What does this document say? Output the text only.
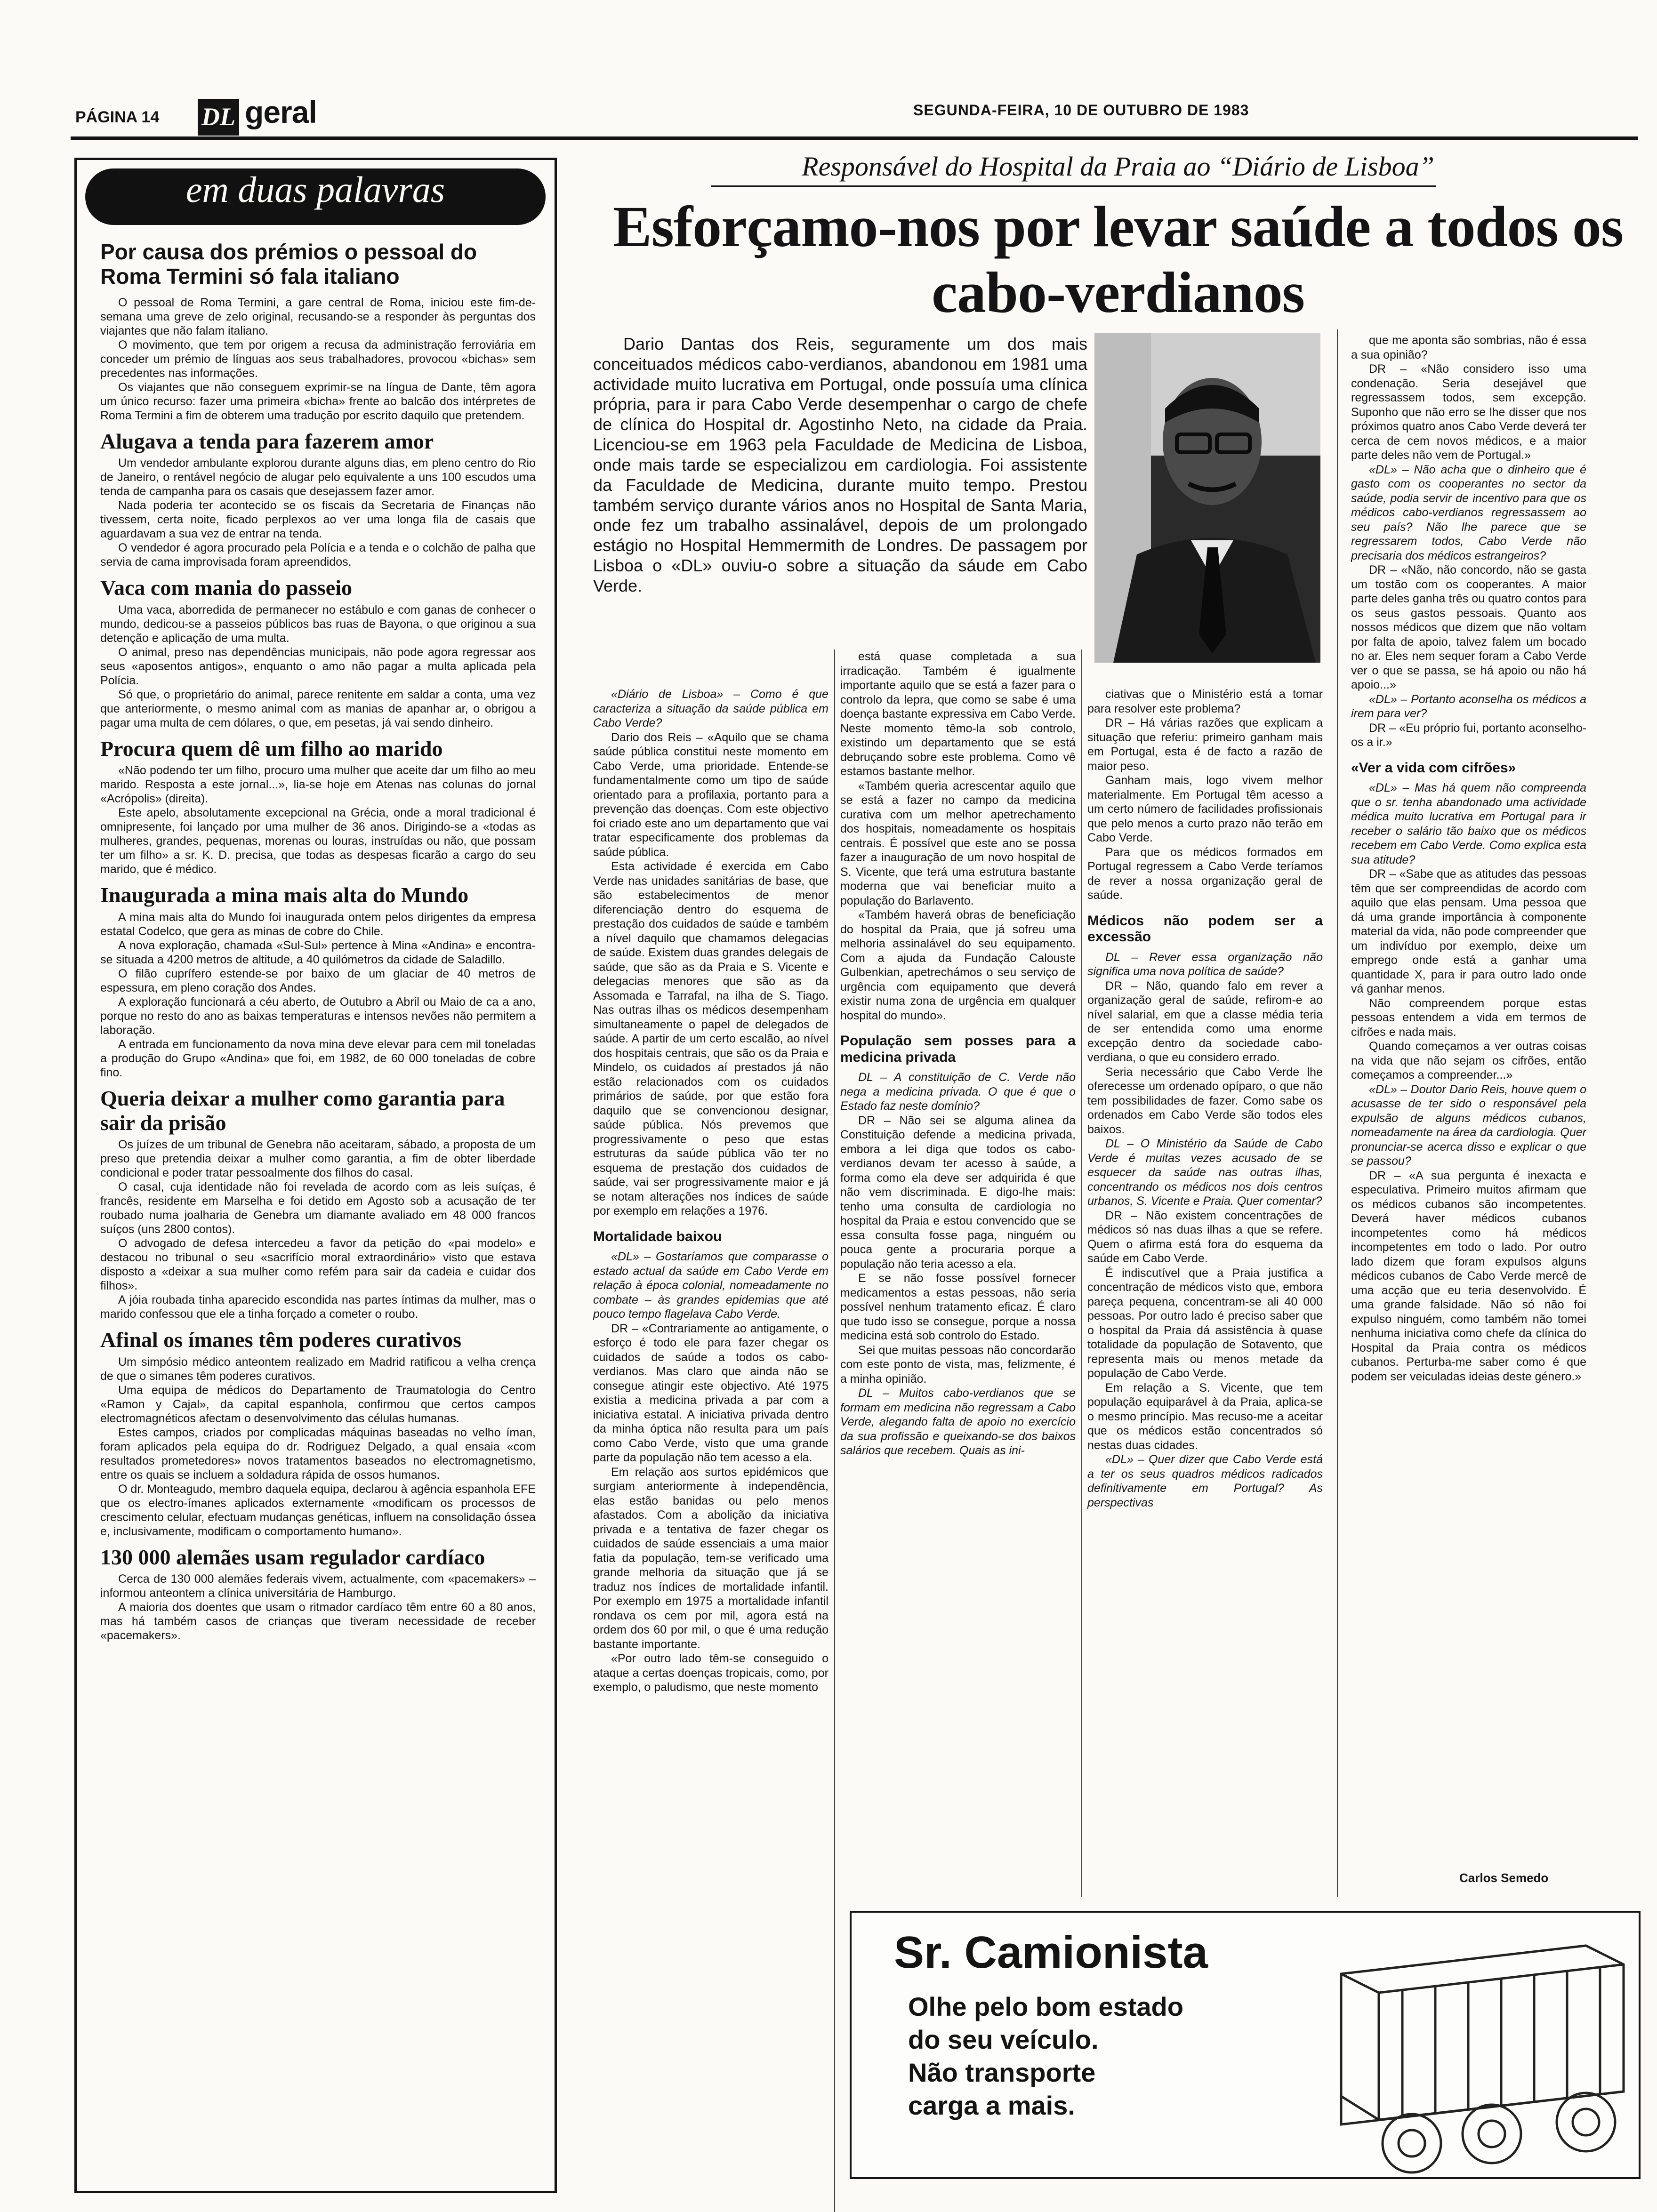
PÁGINA 14 DL geral	SEGUNDA-FEIRA, 10 DE OUTUBRO DE 1983
em duas palavras
Por causa dos prémios o pessoal do Roma Termini só fala italiano

O pessoal de Roma Termini, a gare central de Roma, iniciou este fim-de-semana uma greve de zelo original, recusando-se a responder às perguntas dos viajantes que não falam italiano.

O movimento, que tem por origem a recusa da administração ferroviária em conceder um prémio de línguas aos seus trabalhadores, provocou «bichas» sem precedentes nas informações.

Os viajantes que não conseguem exprimir-se na língua de Dante, têm agora um único recurso: fazer uma primeira «bicha» frente ao balcão dos intérpretes de Roma Termini a fim de obterem uma tradução por escrito daquilo que pretendem.

Alugava a tenda para fazerem amor

Um vendedor ambulante explorou durante alguns dias, em pleno centro do Rio de Janeiro, o rentável negócio de alugar pelo equivalente a uns 100 escudos uma tenda de campanha para os casais que desejassem fazer amor.

Nada poderia ter acontecido se os fiscais da Secretaria de Finanças não tivessem, certa noite, ficado perplexos ao ver uma longa fila de casais que aguardavam a sua vez de entrar na tenda.

O vendedor é agora procurado pela Polícia e a tenda e o colchão de palha que servia de cama improvisada foram apreendidos.

Vaca com mania do passeio

Uma vaca, aborredida de permanecer no estábulo e com ganas de conhecer o mundo, dedicou-se a passeios públicos bas ruas de Bayona, o que originou a sua detenção e aplicação de uma multa.

O animal, preso nas dependências municipais, não pode agora regressar aos seus «aposentos antigos», enquanto o amo não pagar a multa aplicada pela Polícia.

Só que, o proprietário do animal, parece renitente em saldar a conta, uma vez que anteriormente, o mesmo animal com as manias de apanhar ar, o obrigou a pagar uma multa de cem dólares, o que, em pesetas, já vai sendo dinheiro.

Procura quem dê um filho ao marido

«Não podendo ter um filho, procuro uma mulher que aceite dar um filho ao meu marido. Resposta a este jornal...», lia-se hoje em Atenas nas colunas do jornal «Acrópolis» (direita).

Este apelo, absolutamente excepcional na Grécia, onde a moral tradicional é omnipresente, foi lançado por uma mulher de 36 anos. Dirigindo-se a «todas as mulheres, grandes, pequenas, morenas ou louras, instruídas ou não, que possam ter um filho» a sr. K. D. precisa, que todas as despesas ficarão a cargo do seu marido, que é médico.

Inaugurada a mina mais alta do Mundo

A mina mais alta do Mundo foi inaugurada ontem pelos dirigentes da empresa estatal Codelco, que gera as minas de cobre do Chile.

A nova exploração, chamada «Sul-Sul» pertence à Mina «Andina» e encontra-se situada a 4200 metros de altitude, a 40 quilómetros da cidade de Saladillo.

O filão cuprífero estende-se por baixo de um glaciar de 40 metros de espessura, em pleno coração dos Andes.

A exploração funcionará a céu aberto, de Outubro a Abril ou Maio de ca a ano, porque no resto do ano as baixas temperaturas e intensos nevões não permitem a laboração.

A entrada em funcionamento da nova mina deve elevar para cem mil toneladas a produção do Grupo «Andina» que foi, em 1982, de 60 000 toneladas de cobre fino.

Queria deixar a mulher como garantia para sair da prisão

Os juízes de um tribunal de Genebra não aceitaram, sábado, a proposta de um preso que pretendia deixar a mulher como garantia, a fim de obter liberdade condicional e poder tratar pessoalmente dos filhos do casal.

O casal, cuja identidade não foi revelada de acordo com as leis suíças, é francês, residente em Marselha e foi detido em Agosto sob a acusação de ter roubado numa joalharia de Genebra um diamante avaliado em 48 000 francos suíços (uns 2800 contos).

O advogado de defesa intercedeu a favor da petição do «pai modelo» e destacou no tribunal o seu «sacrifício moral extraordinário» visto que estava disposto a «deixar a sua mulher como refém para sair da cadeia e cuidar dos filhos».

A jóia roubada tinha aparecido escondida nas partes íntimas da mulher, mas o marido confessou que ele a tinha forçado a cometer o roubo.

Afinal os ímanes têm poderes curativos

Um simpósio médico anteontem realizado em Madrid ratificou a velha crença de que o simanes têm poderes curativos.

Uma equipa de médicos do Departamento de Traumatologia do Centro «Ramon y Cajal», da capital espanhola, confirmou que certos campos electromagnéticos afectam o desenvolvimento das células humanas.

Estes campos, criados por complicadas máquinas baseadas no velho íman, foram aplicados pela equipa do dr. Rodriguez Delgado, a qual ensaia «com resultados prometedores» novos tratamentos baseados no electromagnetismo, entre os quais se incluem a soldadura rápida de ossos humanos.

O dr. Monteagudo, membro daquela equipa, declarou à agência espanhola EFE que os electro-ímanes aplicados externamente «modificam os processos de crescimento celular, efectuam mudanças genéticas, influem na consolidação óssea e, inclusivamente, modificam o comportamento humano».

130 000 alemães usam regulador cardíaco

Cerca de 130 000 alemães federais vivem, actualmente, com «pacemakers» – informou anteontem a clínica universitária de Hamburgo.

A maioria dos doentes que usam o ritmador cardíaco têm entre 60 a 80 anos, mas há também casos de crianças que tiveram necessidade de receber «pacemakers».

Responsável do Hospital da Praia ao “Diário de Lisboa”
Esforçamo-nos por levar saúde a todos os cabo-verdianos

Dario Dantas dos Reis, seguramente um dos mais conceituados médicos cabo-verdianos, abandonou em 1981 uma actividade muito lucrativa em Portugal, onde possuía uma clínica própria, para ir para Cabo Verde desempenhar o cargo de chefe de clínica do Hospital dr. Agostinho Neto, na cidade da Praia. Licenciou-se em 1963 pela Faculdade de Medicina de Lisboa, onde mais tarde se especializou em cardiologia. Foi assistente da Faculdade de Medicina, durante muito tempo. Prestou também serviço durante vários anos no Hospital de Santa Maria, onde fez um trabalho assinalável, depois de um prolongado estágio no Hospital Hemmermith de Londres. De passagem por Lisboa o «DL» ouviu-o sobre a situação da sáude em Cabo Verde.

«Diário de Lisboa» – Como é que caracteriza a situação da saúde pública em Cabo Verde?

Dario dos Reis – «Aquilo que se chama saúde pública constitui neste momento em Cabo Verde, uma prioridade. Entende-se fundamentalmente como um tipo de saúde orientado para a profilaxia, portanto para a prevenção das doenças. Com este objectivo foi criado este ano um departamento que vai tratar especificamente dos problemas da saúde pública.

Esta actividade é exercida em Cabo Verde nas unidades sanitárias de base, que são estabelecimentos de menor diferenciação dentro do esquema de prestação dos cuidados de saúde e também a nível daquilo que chamamos delegacias de saúde. Existem duas grandes delegais de saúde, que são as da Praia e S. Vicente e delegacias menores que são as da Assomada e Tarrafal, na ilha de S. Tiago. Nas outras ilhas os médicos desempenham simultaneamente o papel de delegados de saúde. A partir de um certo escalão, ao nível dos hospitais centrais, que são os da Praia e Mindelo, os cuidados aí prestados já não estão relacionados com os cuidados primários de saúde, por que estão fora daquilo que se convencionou designar, saúde pública. Nós prevemos que progressivamente o peso que estas estruturas da saúde pública vão ter no esquema de prestação dos cuidados de saúde, vai ser progressivamente maior e já se notam alterações nos índices de saúde por exemplo em relações a 1976.

Mortalidade baixou

«DL» – Gostaríamos que comparasse o estado actual da saúde em Cabo Verde em relação à época colonial, nomeadamente no combate – às grandes epidemias que até pouco tempo flagelava Cabo Verde.

DR – «Contrariamente ao antigamente, o esforço é todo ele para fazer chegar os cuidados de saúde a todos os cabo-verdianos. Mas claro que ainda não se conseguе atingir este objectivo. Até 1975 existia a medicina privada a par com a iniciativa estatal. A iniciativa privada dentro da minha óptica não resulta para um país como Cabo Verde, visto que uma grande parte da população não tem acesso a ela.

Em relação aos surtos epidémicos que surgiam anteriormente à independência, elas estão banidas ou pelo menos afastados. Com a abolição da iniciativa privada e a tentativa de fazer chegar os cuidados de saúde essenciais a uma maior fatia da população, tem-se verificado uma grande melhoria da situação que já se traduz nos índices de mortalidade infantil. Por exemplo em 1975 a mortalidade infantil rondava os cem por mil, agora está na ordem dos 60 por mil, o que é uma redução bastante importante.

«Por outro lado têm-se conseguido o ataque a certas doenças tropicais, como, por exemplo, o paludismo, que neste momento

está quase completada a sua irradicação. Também é igualmente importante aquilo que se está a fazer para o controlo da lepra, que como se sabe é uma doença bastante expressiva em Cabo Verde. Neste momento têmo-la sob controlo, existindo um departamento que se está debruçando sobre este problema. Como vê estamos bastante melhor.

«Também queria acrescentar aquilo que se está a fazer no campo da medicina curativa com um melhor apetrechamento dos hospitais, nomeadamente os hospitais centrais. É possível que este ano se possa fazer a inauguração de um novo hospital de S. Vicente, que terá uma estrutura bastante moderna que vai beneficiar muito a população do Barlavento.

«Também haverá obras de beneficiação do hospital da Praia, que já sofreu uma melhoria assinalável do seu equipamento. Com a ajuda da Fundação Calouste Gulbenkian, apetrechámos o seu serviço de urgência com equipamento que deverá existir numa zona de urgência em qualquer hospital do mundo».

População sem posses para a medicina privada

DL – A constituição de C. Verde não nega a medicina privada. O que é que o Estado faz neste domínio?

DR – Não sei se alguma alinea da Constituição defende a medicina privada, embora a lei diga que todos os cabo-verdianos devam ter acesso à saúde, a forma como ela deve ser adquirida é que não vem discriminada. E digo-lhe mais: tenho uma consulta de cardiologia no hospital da Praia e estou convencido que se essa consulta fosse paga, ninguém ou pouca gente a procuraria porque a população não teria acesso a ela.

E se não fosse possível fornecer medicamentos a estas pessoas, não seria possível nenhum tratamento eficaz. É claro que tudo isso se consegue, porque a nossa medicina está sob controlo do Estado.

Sei que muitas pessoas não concordarão com este ponto de vista, mas, felizmente, é a minha opinião.

DL – Muitos cabo-verdianos que se formam em medicina não regressam a Cabo Verde, alegando falta de apoio no exercício da sua profissão e queixando-se dos baixos salários que recebem. Quais as ini-

ciativas que o Ministério está a tomar para resolver este problema?

DR – Há várias razões que explicam a situação que referiu: primeiro ganham mais em Portugal, esta é de facto a razão de maior peso.

Ganham mais, logo vivem melhor materialmente. Em Portugal têm acesso a um certo número de facilidades profissionais que pelo menos a curto prazo não terão em Cabo Verde.

Para que os médicos formados em Portugal regressem a Cabo Verde teríamos de rever a nossa organização geral de saúde.

Médicos não podem ser a excessão

DL – Rever essa organização não significa uma nova política de saúde?

DR – Não, quando falo em rever a organização geral de saúde, refirom-e ao nível salarial, em que a classe média teria de ser entendida como uma enorme excepção dentro da sociedade cabo-verdiana, o que eu considero errado.

Seria necessário que Cabo Verde lhe oferecesse um ordenado opíparo, o que não tem possibilidades de fazer. Como sabe os ordenados em Cabo Verde são todos eles baixos.

DL – O Ministério da Saúde de Cabo Verde é muitas vezes acusado de se esquecer da saúde nas outras ilhas, concentrando os médicos nos dois centros urbanos, S. Vicente e Praia. Quer comentar?

DR – Não existem concentrações de médicos só nas duas ilhas a que se refere. Quem o afirma está fora do esquema da saúde em Cabo Verde.

É indiscutível que a Praia justifica a concentração de médicos visto que, embora pareça pequena, concentram-se ali 40 000 pessoas. Por outro lado é preciso saber que o hospital da Praia dá assistência à quase totalidade da população de Sotavento, que representa mais ou menos metade da população de Cabo Verde.

Em relação a S. Vicente, que tem população equiparável à da Praia, aplica-se o mesmo princípio. Mas recuso-me a aceitar que os médicos estão concentrados só nestas duas cidades.

«DL» – Quer dizer que Cabo Verde está a ter os seus quadros médicos radicados definitivamente em Portugal? As perspectivas

que me aponta são sombrias, não é essa a sua opinião?

DR – «Não considero isso uma condenação. Seria desejável que regressassem todos, sem excepção. Suponho que não erro se lhe disser que nos próximos quatro anos Cabo Verde deverá ter cerca de cem novos médicos, e a maior parte deles não vem de Portugal.»

«DL» – Não acha que o dinheiro que é gasto com os cooperantes no sector da saúde, podia servir de incentivo para que os médicos cabo-verdianos regressassem ao seu país? Não lhe parece que se regressarem todos, Cabo Verde não precisaria dos médicos estrangeiros?

DR – «Não, não concordo, não se gasta um tostão com os cooperantes. A maior parte deles ganha três ou quatro contos para os seus gastos pessoais. Quanto aos nossos médicos que dizem que não voltam por falta de apoio, talvez falem um bocado no ar. Eles nem sequer foram a Cabo Verde ver o que se passa, se há apoio ou não há apoio...»

«DL» – Portanto aconselha os médicos a irem para ver?

DR – «Eu próprio fui, portanto aconselho-os a ir.»

«Ver a vida com cifrões»

«DL» – Mas há quem não compreenda que o sr. tenha abandonado uma actividade médica muito lucrativa em Portugal para ir receber o salário tão baixo que os médicos recebem em Cabo Verde. Como explica esta sua atitude?

DR – «Sabe que as atitudes das pessoas têm que ser compreendidas de acordo com aquilo que elas pensam. Uma pessoa que dá uma grande importância à componente material da vida, não pode compreender que um indivíduo por exemplo, deixe um emprego onde está a ganhar uma quantidade X, para ir para outro lado onde vá ganhar menos.

Não compreendem porque estas pessoas entendem a vida em termos de cifrões e nada mais.

Quando começamos a ver outras coisas na vida que não sejam os cifrões, então começamos a compreender...»

«DL» – Doutor Dario Reis, houve quem o acusasse de ter sido o responsável pela expulsão de alguns médicos cubanos, nomeadamente na área da cardiologia. Quer pronunciar-se acerca disso e explicar o que se passou?

DR – «A sua pergunta é inexacta e especulativa. Primeiro muitos afirmam que os médicos cubanos são incompetentes. Deverá haver médicos cubanos incompetentes como há médicos incompetentes em todo o lado. Por outro lado dizem que foram expulsos alguns médicos cubanos de Cabo Verde mercê de uma acção que eu teria desenvolvido. É uma grande falsidade. Não só não foi expulso ninguém, como também não tomei nenhuma iniciativa como chefe da clínica do Hospital da Praia contra os médicos cubanos. Perturba-me saber como é que podem ser veiculadas ideias deste género.»

Carlos Semedo
Sr. Camionista
Olhe pelo bom estado
do seu veículo.
Não transporte
carga a mais.
